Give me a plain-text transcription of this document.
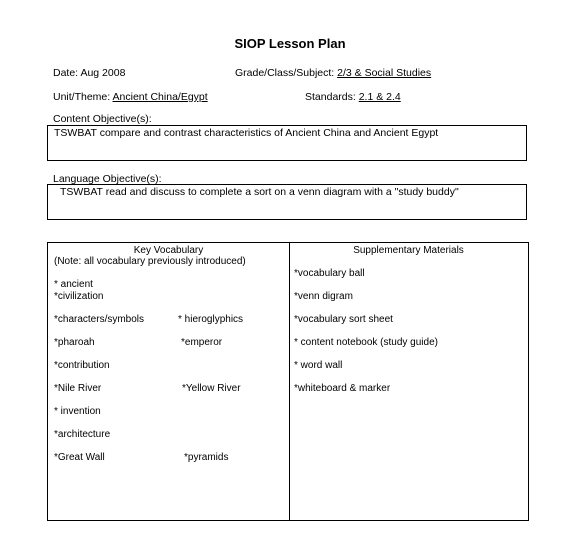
SIOP Lesson Plan
Date: Aug 2008	Grade/Class/Subject: 2/3 & Social Studies
Unit/Theme: Ancient China/Egypt	Standards: 2.1 & 2.4
Content Objective(s):
TSWBAT compare and contrast characteristics of Ancient China and Ancient Egypt
Language Objective(s):
TSWBAT read and discuss to complete a sort on a venn diagram with a "study buddy"
Key Vocabulary
(Note: all vocabulary previously introduced)
* ancient
*civilization
*characters/symbols
*pharoah
*contribution
*Nile River
* invention
*architecture
*Great Wall
* hieroglyphics
*emperor
*Yellow River
*pyramids
Supplementary Materials
*vocabulary ball
*venn digram
*vocabulary sort sheet
* content notebook (study guide)
* word wall
*whiteboard & marker
